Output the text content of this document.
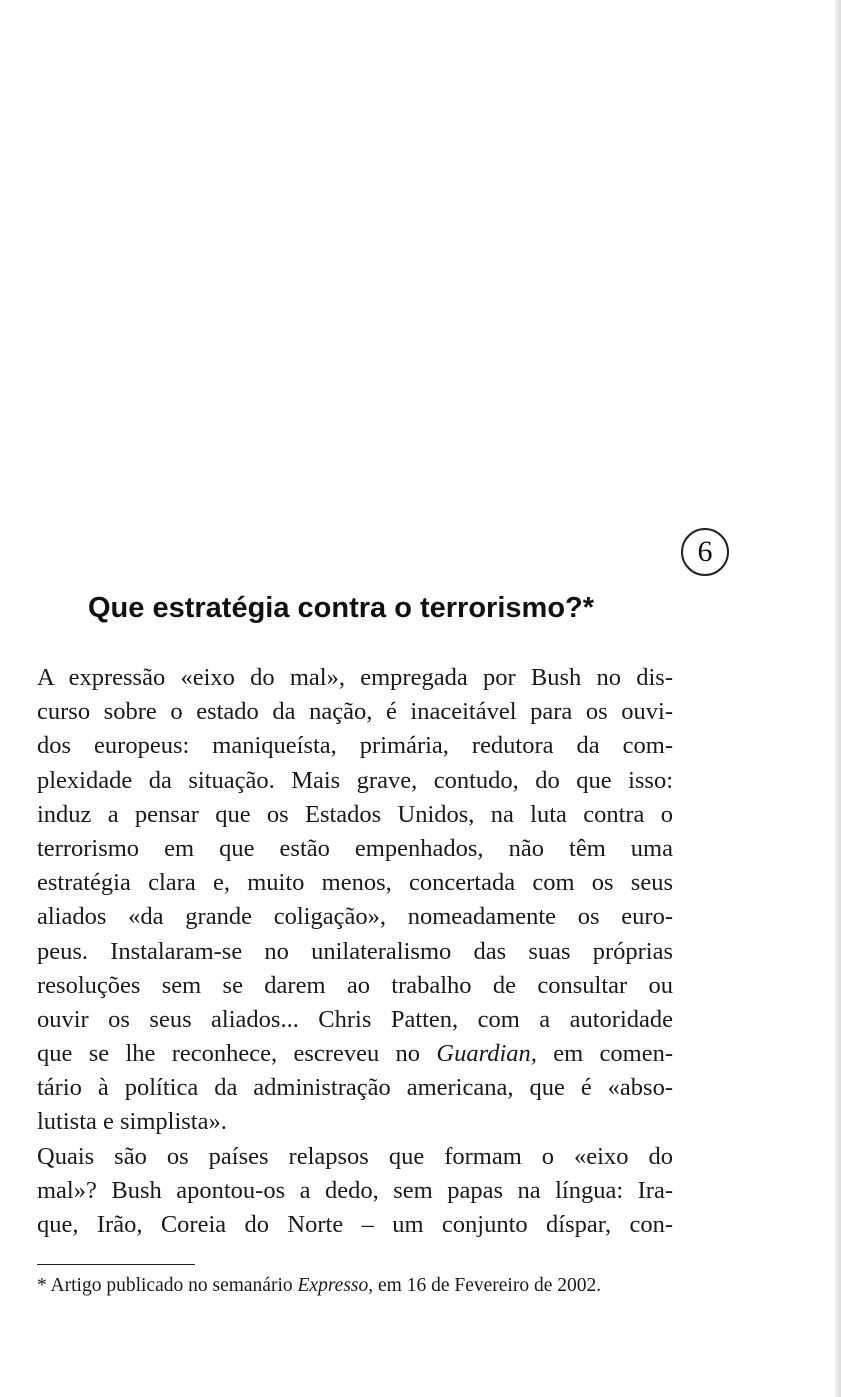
6
Que estratégia contra o terrorismo?*
A expressão «eixo do mal», empregada por Bush no dis-
curso sobre o estado da nação, é inaceitável para os ouvi-
dos europeus: maniqueísta, primária, redutora da com-
plexidade da situação. Mais grave, contudo, do que isso:
induz a pensar que os Estados Unidos, na luta contra o
terrorismo em que estão empenhados, não têm uma
estratégia clara e, muito menos, concertada com os seus
aliados «da grande coligação», nomeadamente os euro-
peus. Instalaram-se no unilateralismo das suas próprias
resoluções sem se darem ao trabalho de consultar ou
ouvir os seus aliados... Chris Patten, com a autoridade
que se lhe reconhece, escreveu no Guardian, em comen-
tário à política da administração americana, que é «abso-
lutista e simplista».
Quais são os países relapsos que formam o «eixo do
mal»? Bush apontou-os a dedo, sem papas na língua: Ira-
que, Irão, Coreia do Norte – um conjunto díspar, con-
* Artigo publicado no semanário Expresso, em 16 de Fevereiro de 2002.
